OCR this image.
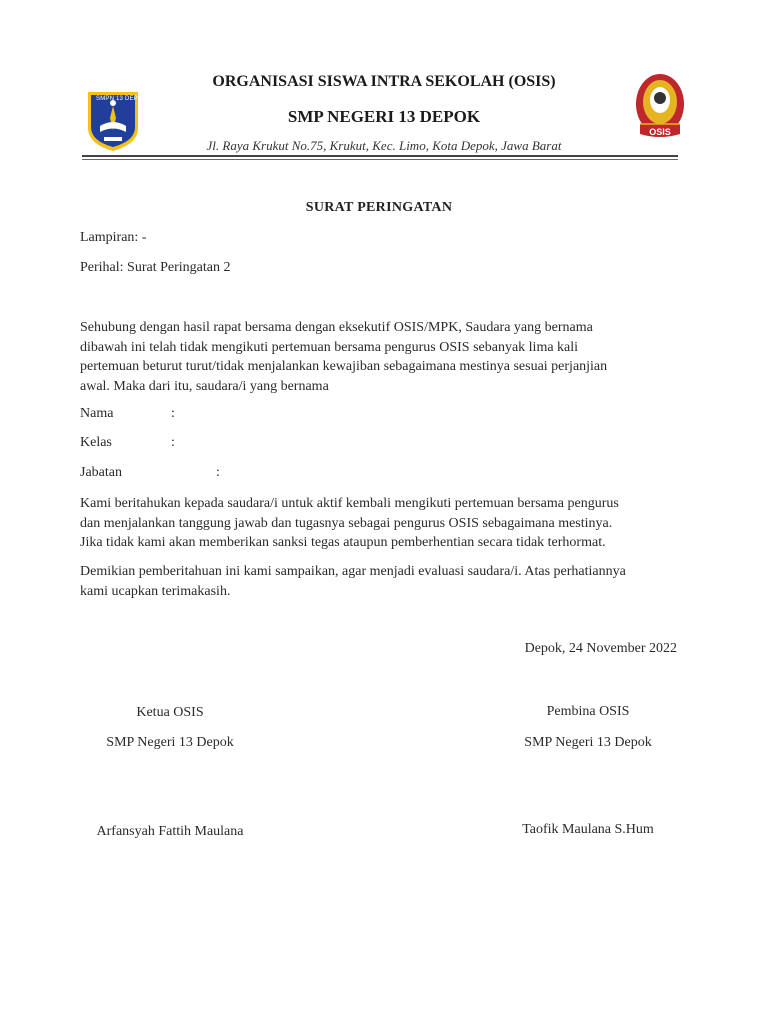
SMPN 13 DEPOK
OSIS
ORGANISASI SISWA INTRA SEKOLAH (OSIS)
SMP NEGERI 13 DEPOK
Jl. Raya Krukut No.75, Krukut, Kec. Limo, Kota Depok, Jawa Barat
SURAT PERINGATAN
Lampiran: -
Perihal: Surat Peringatan 2
Sehubung dengan hasil rapat bersama dengan eksekutif OSIS/MPK, Saudara yang bernama
dibawah ini telah tidak mengikuti pertemuan bersama pengurus OSIS sebanyak lima kali
pertemuan beturut turut/tidak menjalankan kewajiban sebagaimana mestinya sesuai perjanjian
awal. Maka dari itu, saudara/i yang bernama
Nama	:
Kelas	:
Jabatan	:
Kami beritahukan kepada saudara/i untuk aktif kembali mengikuti pertemuan bersama pengurus
dan menjalankan tanggung jawab dan tugasnya sebagai pengurus OSIS sebagaimana mestinya.
Jika tidak kami akan memberikan sanksi tegas ataupun pemberhentian secara tidak terhormat.
Demikian pemberitahuan ini kami sampaikan, agar menjadi evaluasi saudara/i. Atas perhatiannya
kami ucapkan terimakasih.
Depok, 24 November 2022
Ketua OSIS
SMP Negeri 13 Depok
Arfansyah Fattih Maulana
Pembina OSIS
SMP Negeri 13 Depok
Taofik Maulana S.Hum
